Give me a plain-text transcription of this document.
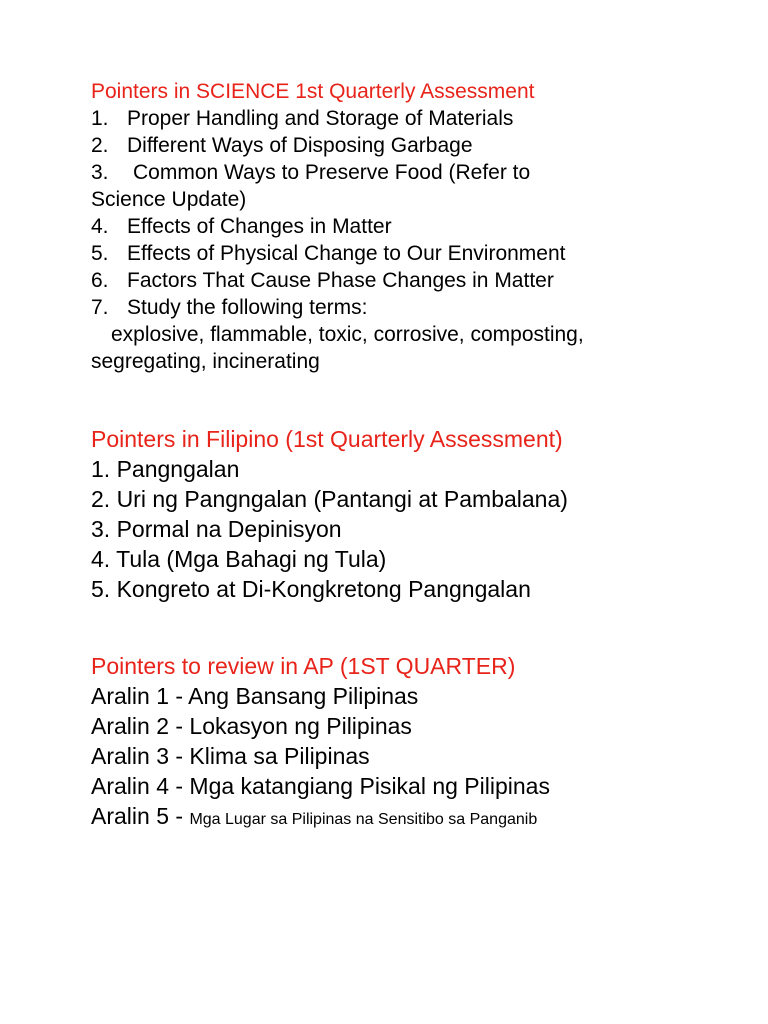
Pointers in SCIENCE 1st Quarterly Assessment
1. Proper Handling and Storage of Materials
2. Different Ways of Disposing Garbage
3. Common Ways to Preserve Food (Refer to
Science Update)
4. Effects of Changes in Matter
5. Effects of Physical Change to Our Environment
6. Factors That Cause Phase Changes in Matter
7. Study the following terms:
explosive, flammable, toxic, corrosive, composting,
segregating, incinerating
Pointers in Filipino (1st Quarterly Assessment)
1. Pangngalan
2. Uri ng Pangngalan (Pantangi at Pambalana)
3. Pormal na Depinisyon
4. Tula (Mga Bahagi ng Tula)
5. Kongreto at Di-Kongkretong Pangngalan
Pointers to review in AP (1ST QUARTER)
Aralin 1 - Ang Bansang Pilipinas
Aralin 2 - Lokasyon ng Pilipinas
Aralin 3 - Klima sa Pilipinas
Aralin 4 - Mga katangiang Pisikal ng Pilipinas
Aralin 5 - Mga Lugar sa Pilipinas na Sensitibo sa Panganib
